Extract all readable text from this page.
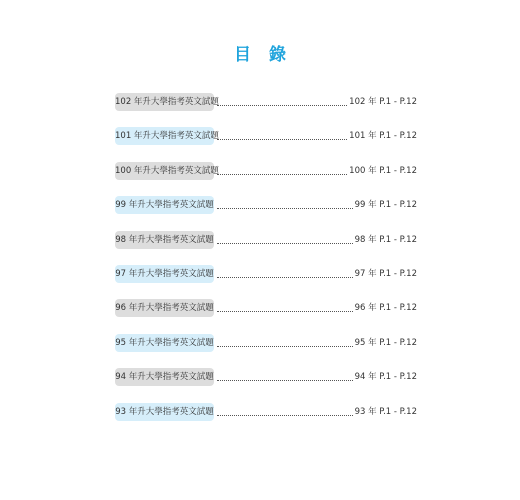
目 錄
102 年升大學指考英文試題	102 年 P.1 - P.12
101 年升大學指考英文試題	101 年 P.1 - P.12
100 年升大學指考英文試題	100 年 P.1 - P.12
99 年升大學指考英文試題	99 年 P.1 - P.12
98 年升大學指考英文試題	98 年 P.1 - P.12
97 年升大學指考英文試題	97 年 P.1 - P.12
96 年升大學指考英文試題	96 年 P.1 - P.12
95 年升大學指考英文試題	95 年 P.1 - P.12
94 年升大學指考英文試題	94 年 P.1 - P.12
93 年升大學指考英文試題	93 年 P.1 - P.12
